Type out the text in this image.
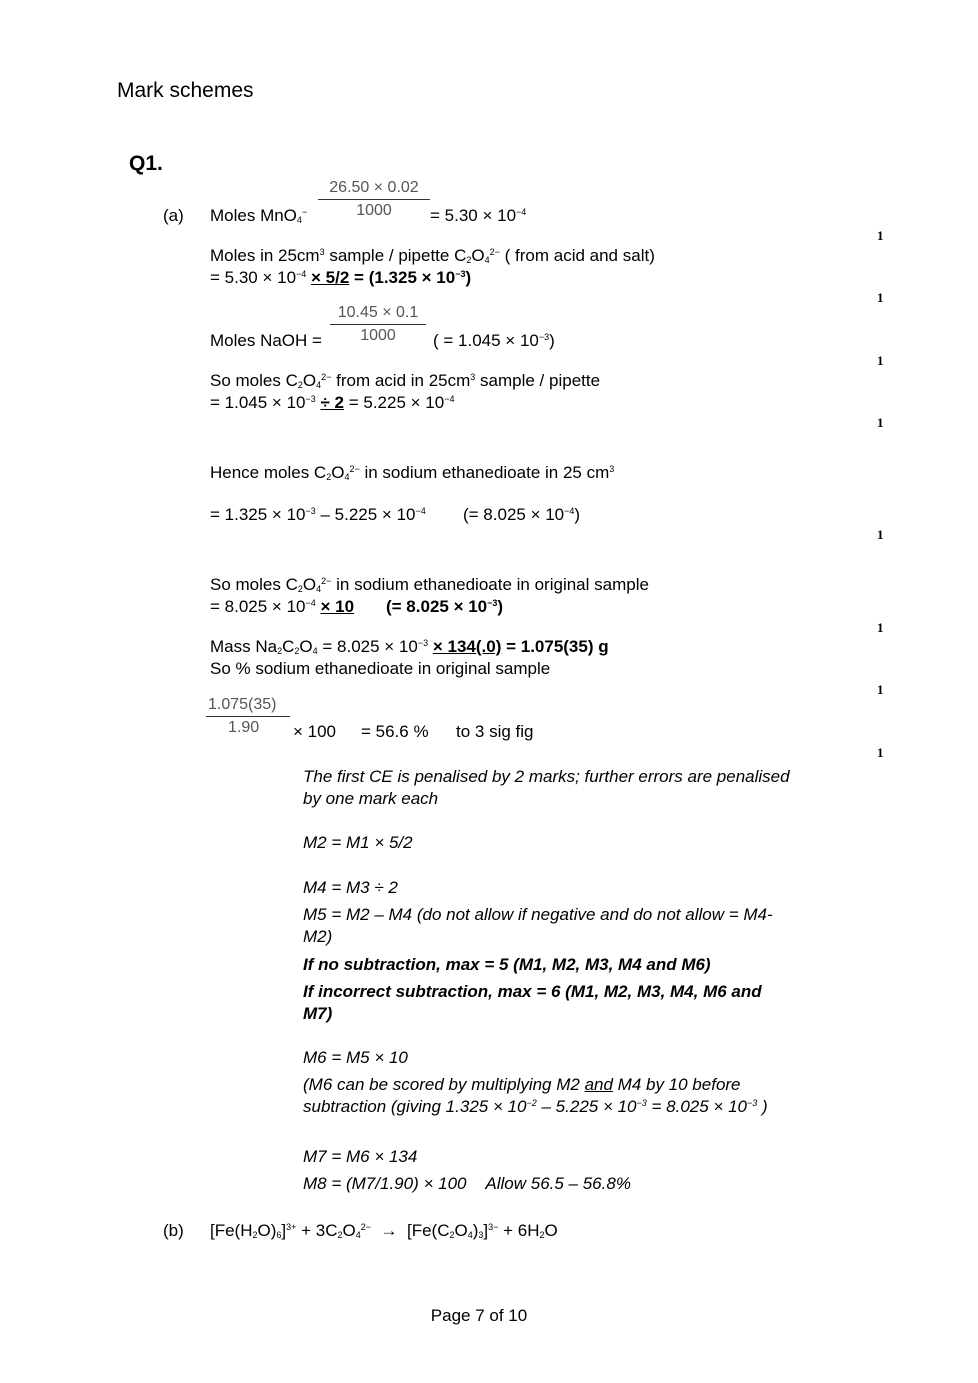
Mark schemes
Q1.
(a) Moles $MnO_4^- \frac{26.50 \times 0.02}{1000} = 5.30 \times 10^{-4}$
1
Moles in $25cm^3$ sample / pipette $C_2O_4^{2-}$ ( from acid and salt)
= $5.30 \times 10^{-4} \times 5/2 = (1.325 \times 10^{-3})$
1
Moles NaOH = $\frac{10.45 \times 0.1}{1000}$ ( = $1.045 \times 10^{-3}$)
1
So moles $C_2O_4^{2-}$ from acid in $25cm^3$ sample / pipette
= $1.045 \times 10^{-3} \div 2 = 5.225 \times 10^{-4}$
1
Hence moles $C_2O_4^{2-}$ in sodium ethanedioate in 25 $cm^3$
= $1.325 \times 10^{-3} - 5.225 \times 10^{-4}$ (= $8.025 \times 10^{-4}$)
1
So moles $C_2O_4^{2-}$ in sodium ethanedioate in original sample
= $8.025 \times 10^{-4} \times 10$ (= $8.025 \times 10^{-3}$)
1
Mass $Na_2C_2O_4 = 8.025 \times 10^{-3} \times 134(.0) = 1.075(35)$ g
So % sodium ethanedioate in original sample
1
$\frac{1.075(35)}{1.90} \times 100 = 56.6$ % to 3 sig fig
1
The first CE is penalised by 2 marks; further errors are penalised by one mark each
M2 = M1 × 5/2
M4 = M3 ÷ 2
M5 = M2 – M4 (do not allow if negative and do not allow = M4-M2)
If no subtraction, max = 5 (M1, M2, M3, M4 and M6)
If incorrect subtraction, max = 6 (M1, M2, M3, M4, M6 and M7)
M6 = M5 × 10
(M6 can be scored by multiplying M2 and M4 by 10 before subtraction (giving $1.325 \times 10^{-2} - 5.225 \times 10^{-3} = 8.025 \times 10^{-3}$ )
M7 = M6 × 134
M8 = (M7/1.90) × 100 Allow 56.5 – 56.8%
(b) $[Fe(H_2O)_6]^{3+} + 3C_2O_4^{2-} \to [Fe(C_2O_4)_3]^{3-} + 6H_2O$
Page 7 of 10
